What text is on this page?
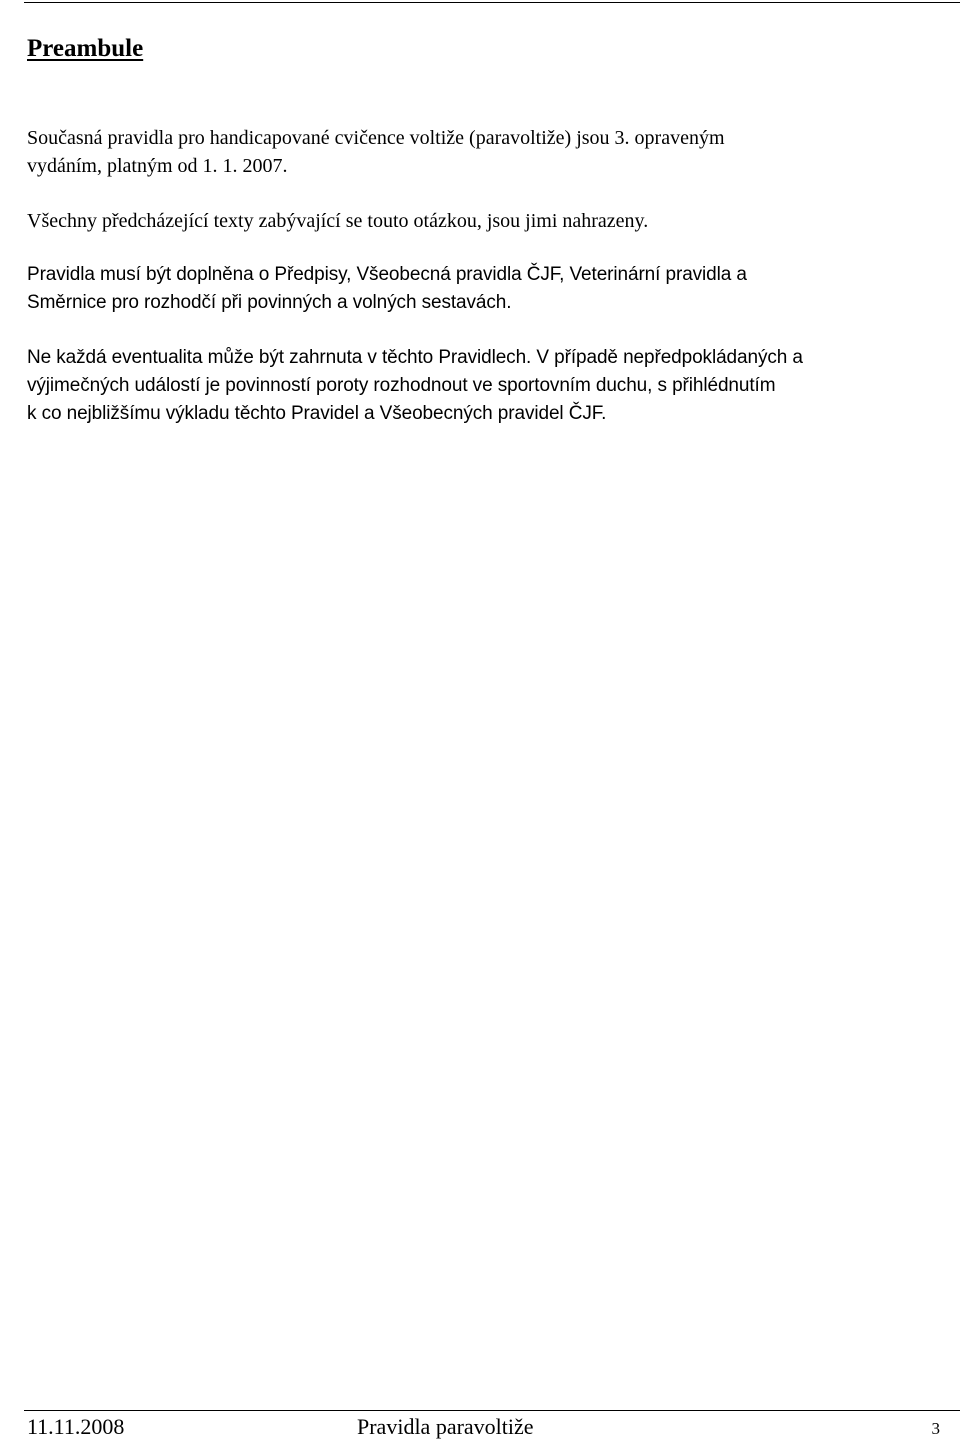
Preambule

Současná pravidla pro handicapované cvičence voltiže (paravoltiže) jsou 3. opraveným
vydáním, platným od 1. 1. 2007.

Všechny předcházející texty zabývající se touto otázkou, jsou jimi nahrazeny.

Pravidla musí být doplněna o Předpisy, Všeobecná pravidla ČJF, Veterinární pravidla a
Směrnice pro rozhodčí při povinných a volných sestavách.

Ne každá eventualita může být zahrnuta v těchto Pravidlech. V případě nepředpokládaných a
výjimečných událostí je povinností poroty rozhodnout ve sportovním duchu, s přihlédnutím
k co nejbližšímu výkladu těchto Pravidel a Všeobecných pravidel ČJF.

11.11.2008	Pravidla paravoltiže	3
